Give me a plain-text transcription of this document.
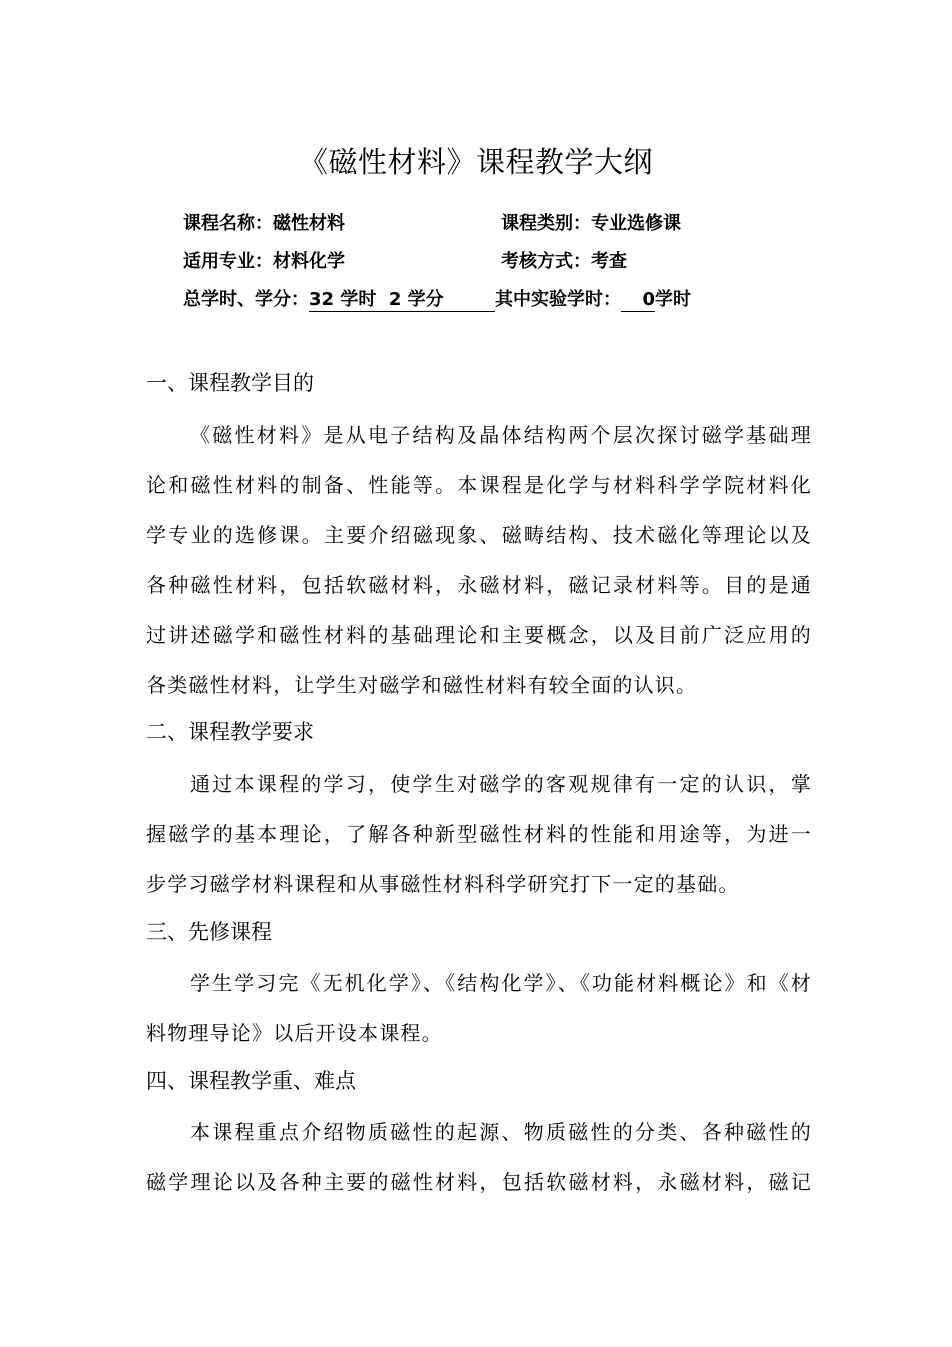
《磁性材料》课程教学大纲
课程名称：磁性材料	课程类别：专业选修课
适用专业：材料化学	考核方式：考查
总学时、学分：32 学时  2 学分	其中实验学时： 0学时
一、课程教学目的
《磁性材料》是从电子结构及晶体结构两个层次探讨磁学基础理
论和磁性材料的制备、性能等。本课程是化学与材料科学学院材料化
学专业的选修课。主要介绍磁现象、磁畴结构、技术磁化等理论以及
各种磁性材料，包括软磁材料，永磁材料，磁记录材料等。目的是通
过讲述磁学和磁性材料的基础理论和主要概念，以及目前广泛应用的
各类磁性材料，让学生对磁学和磁性材料有较全面的认识。
二、课程教学要求
通过本课程的学习，使学生对磁学的客观规律有一定的认识，掌
握磁学的基本理论，了解各种新型磁性材料的性能和用途等，为进一
步学习磁学材料课程和从事磁性材料科学研究打下一定的基础。
三、先修课程
学生学习完《无机化学》、《结构化学》、《功能材料概论》和《材
料物理导论》以后开设本课程。
四、课程教学重、难点
本课程重点介绍物质磁性的起源、物质磁性的分类、各种磁性的
磁学理论以及各种主要的磁性材料，包括软磁材料，永磁材料，磁记
